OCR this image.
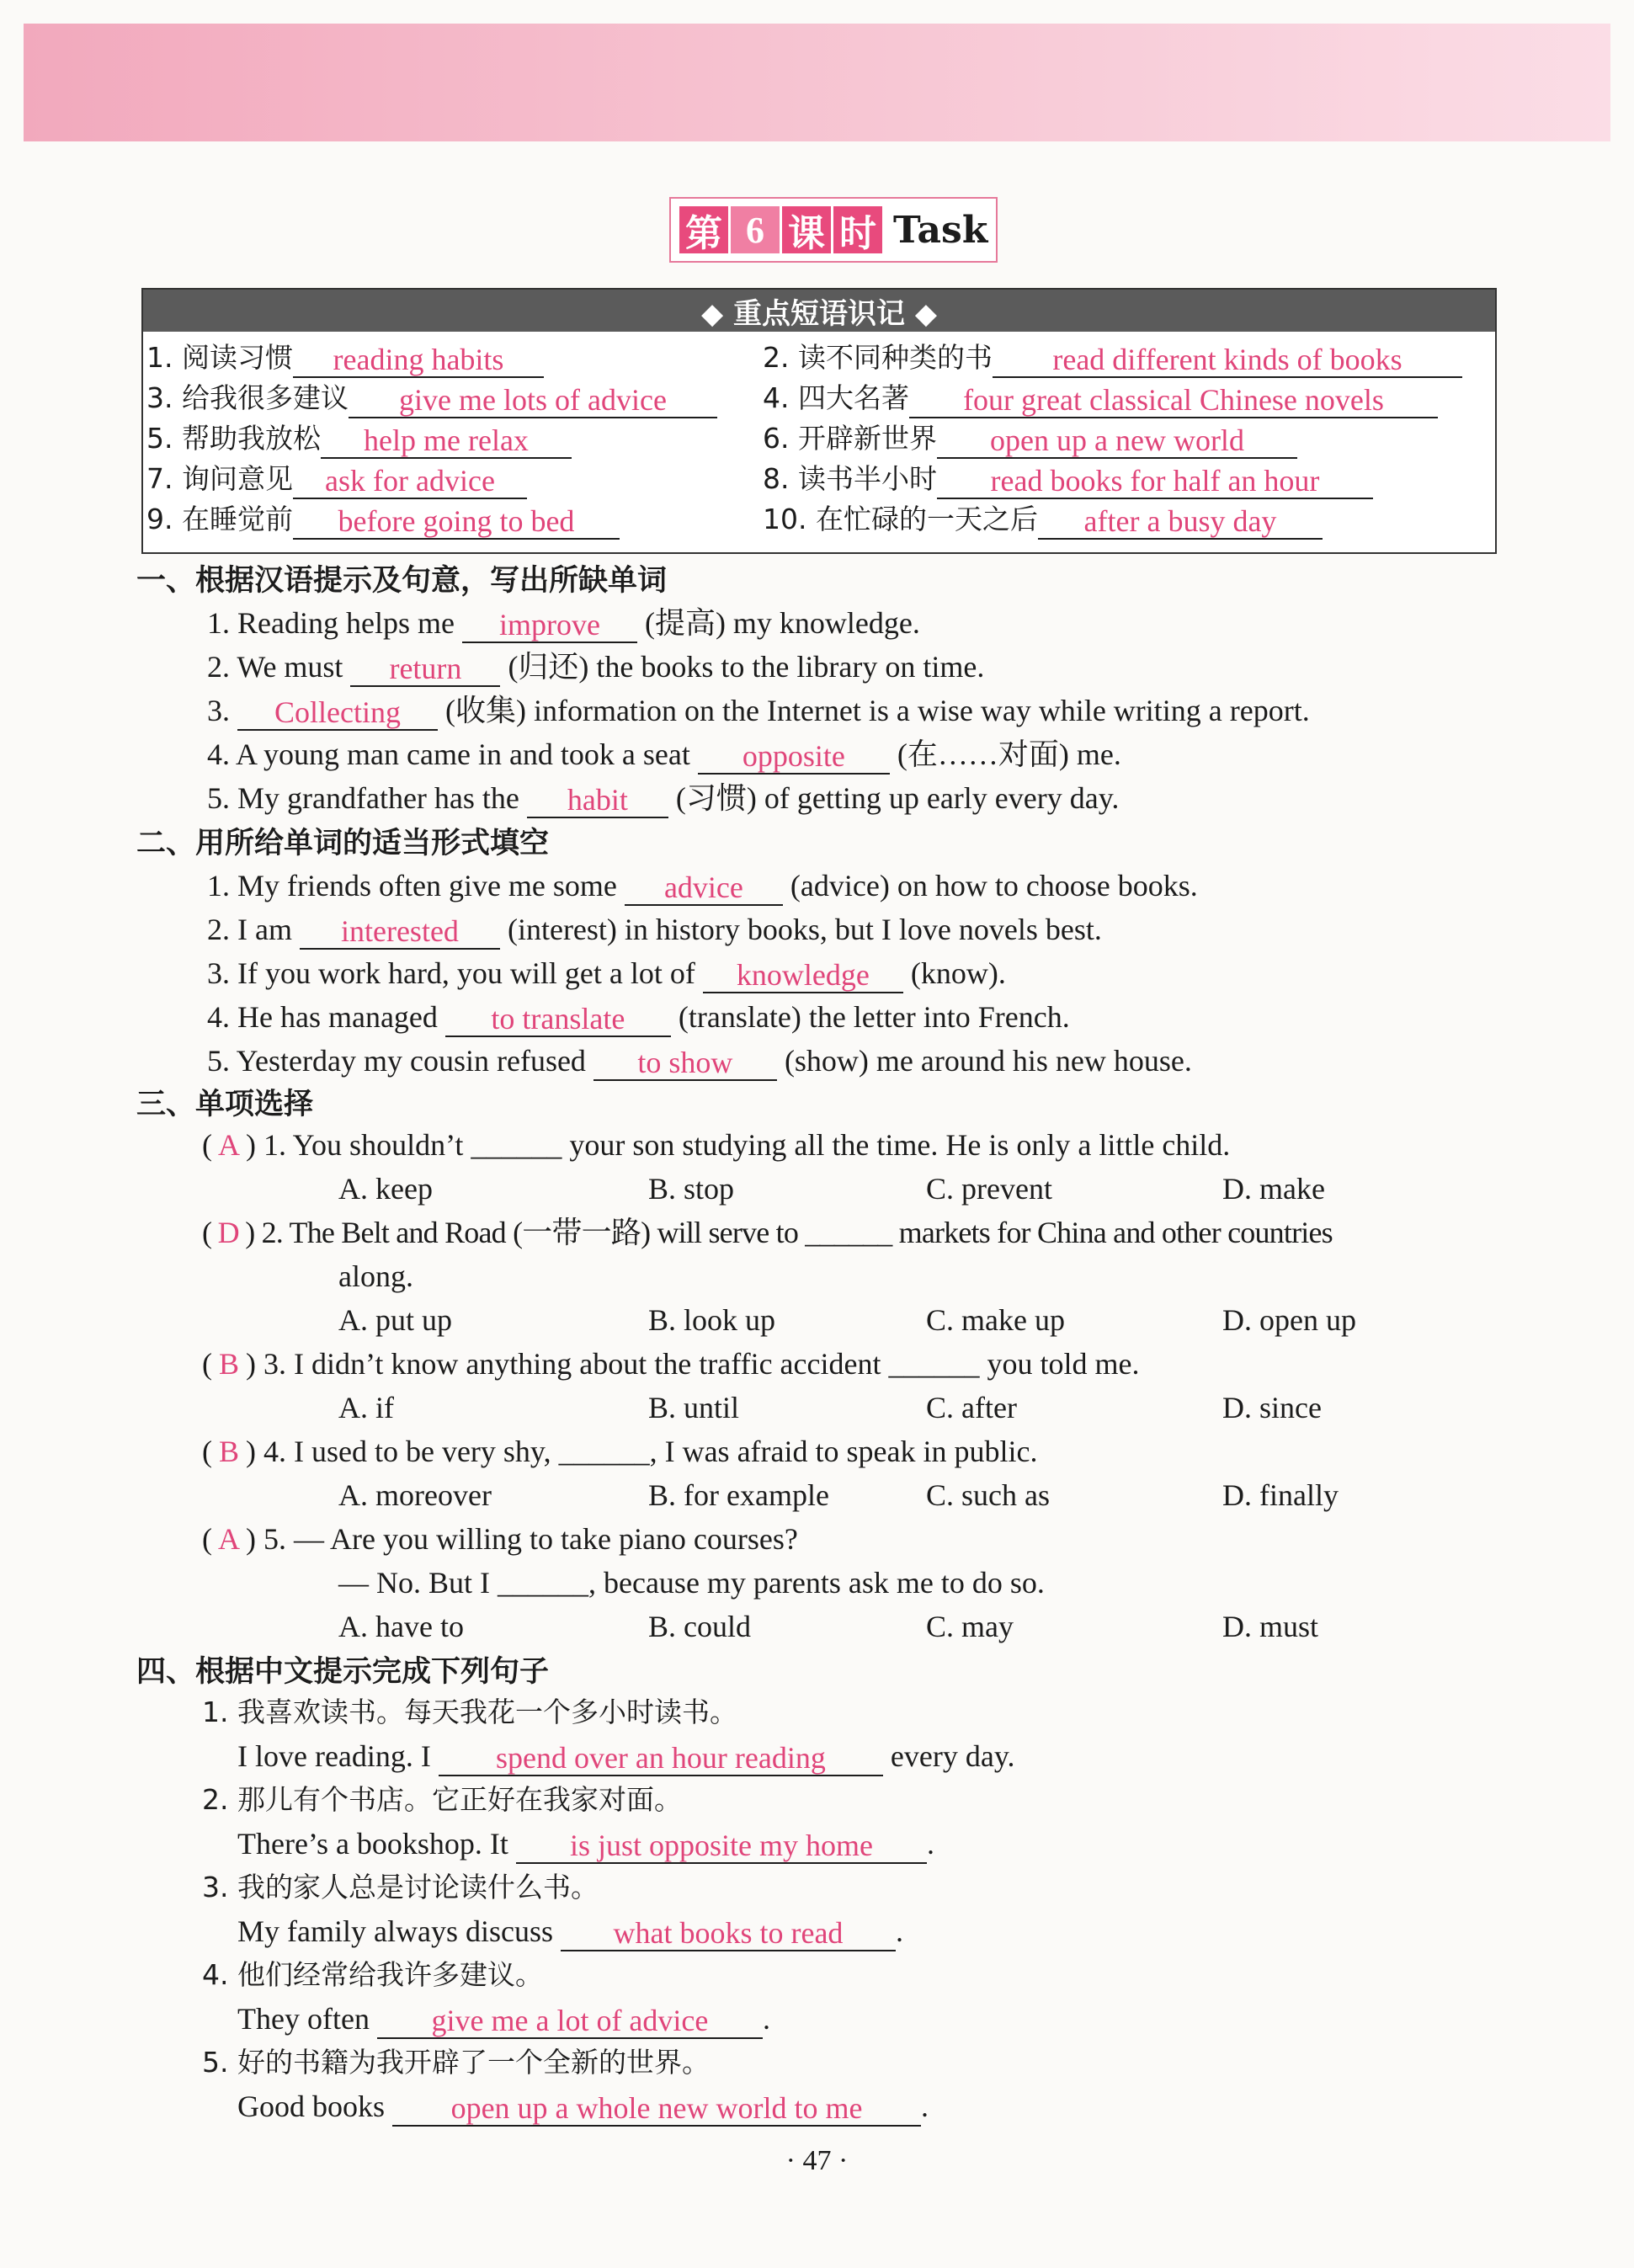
第 6 课 时 Task
◆ 重点短语识记 ◆
1. 阅读习惯 reading habits	2. 读不同种类的书 read different kinds of books
3. 给我很多建议 give me lots of advice	4. 四大名著 four great classical Chinese novels
5. 帮助我放松 help me relax	6. 开辟新世界 open up a new world
7. 询问意见 ask for advice	8. 读书半小时 read books for half an hour
9. 在睡觉前 before going to bed	10. 在忙碌的一天之后 after a busy day
一、根据汉语提示及句意，写出所缺单词
1. Reading helps me improve (提高) my knowledge.
2. We must return (归还) the books to the library on time.
3. Collecting (收集) information on the Internet is a wise way while writing a report.
4. A young man came in and took a seat opposite (在……对面) me.
5. My grandfather has the habit (习惯) of getting up early every day.
二、用所给单词的适当形式填空
1. My friends often give me some advice (advice) on how to choose books.
2. I am interested (interest) in history books, but I love novels best.
3. If you work hard, you will get a lot of knowledge (know).
4. He has managed to translate (translate) the letter into French.
5. Yesterday my cousin refused to show (show) me around his new house.
三、单项选择
( A ) 1. You shouldn’t ______ your son studying all the time. He is only a little child.
A. keep	B. stop	C. prevent	D. make
( D ) 2. The Belt and Road (一带一路) will serve to ______ markets for China and other countries
along.
A. put up	B. look up	C. make up	D. open up
( B ) 3. I didn’t know anything about the traffic accident ______ you told me.
A. if	B. until	C. after	D. since
( B ) 4. I used to be very shy, ______, I was afraid to speak in public.
A. moreover	B. for example	C. such as	D. finally
( A ) 5. — Are you willing to take piano courses?
— No. But I ______, because my parents ask me to do so.
A. have to	B. could	C. may	D. must
四、根据中文提示完成下列句子
1. 我喜欢读书。每天我花一个多小时读书。
I love reading. I spend over an hour reading every day.
2. 那儿有个书店。它正好在我家对面。
There’s a bookshop. It is just opposite my home .
3. 我的家人总是讨论读什么书。
My family always discuss what books to read .
4. 他们经常给我许多建议。
They often give me a lot of advice .
5. 好的书籍为我开辟了一个全新的世界。
Good books open up a whole new world to me .
· 47 ·
